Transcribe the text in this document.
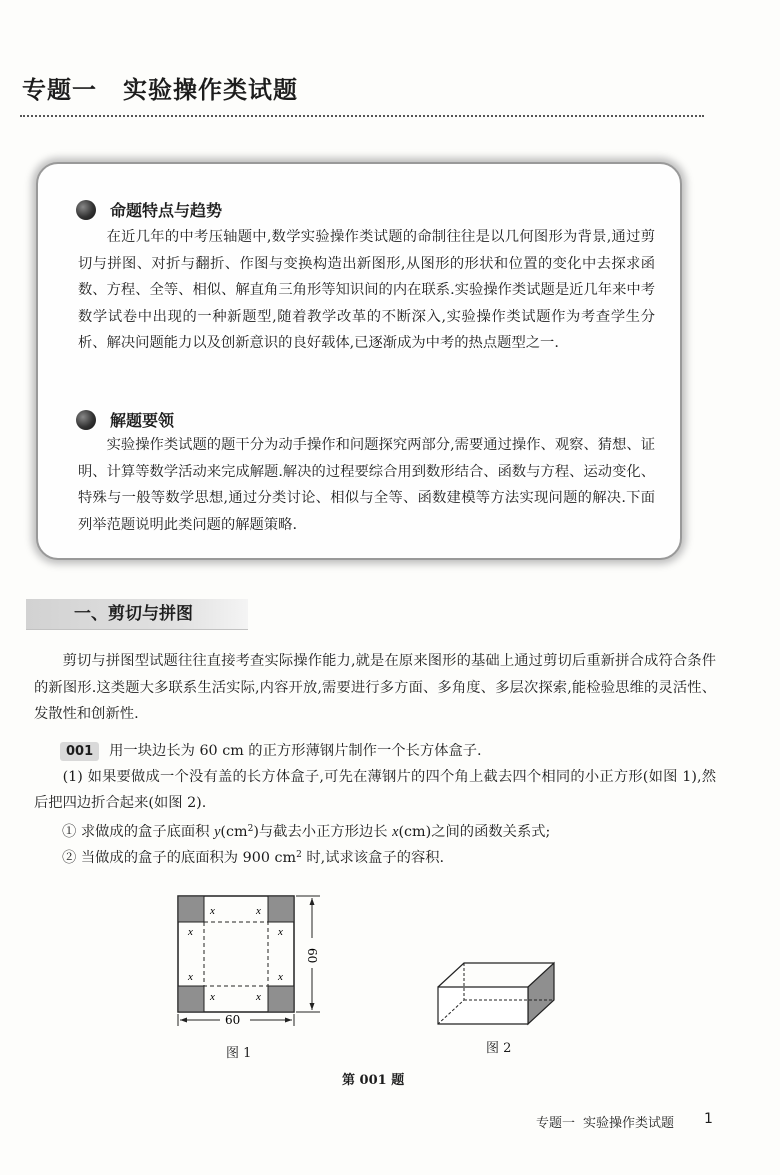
专题一 实验操作类试题
命题特点与趋势

在近几年的中考压轴题中,数学实验操作类试题的命制往往是以几何图形为背景,通过剪切与拼图、对折与翻折、作图与变换构造出新图形,从图形的形状和位置的变化中去探求函数、方程、全等、相似、解直角三角形等知识间的内在联系.实验操作类试题是近几年来中考数学试卷中出现的一种新题型,随着教学改革的不断深入,实验操作类试题作为考查学生分析、解决问题能力以及创新意识的良好载体,已逐渐成为中考的热点题型之一.

解题要领

实验操作类试题的题干分为动手操作和问题探究两部分,需要通过操作、观察、猜想、证明、计算等数学活动来完成解题.解决的过程要综合用到数形结合、函数与方程、运动变化、特殊与一般等数学思想,通过分类讨论、相似与全等、函数建模等方法实现问题的解决.下面列举范题说明此类问题的解题策略.

一、剪切与拼图

剪切与拼图型试题往往直接考查实际操作能力,就是在原来图形的基础上通过剪切后重新拼合成符合条件的新图形.这类题大多联系生活实际,内容开放,需要进行多方面、多角度、多层次探索,能检验思维的灵活性、发散性和创新性.

001 用一块边长为 60 cm 的正方形薄钢片制作一个长方体盒子.

(1) 如果要做成一个没有盖的长方体盒子,可先在薄钢片的四个角上截去四个相同的小正方形(如图 1),然后把四边折合起来(如图 2).

① 求做成的盒子底面积 $y(cm^2)$与截去小正方形边长 x(cm)之间的函数关系式;

② 当做成的盒子的底面积为 900 $cm^2$ 时,试求该盒子的容积.

x	x
x	x
x	x
x	x
60
60
图 1	图 2
第 001 题
专题一 实验操作类试题 1
